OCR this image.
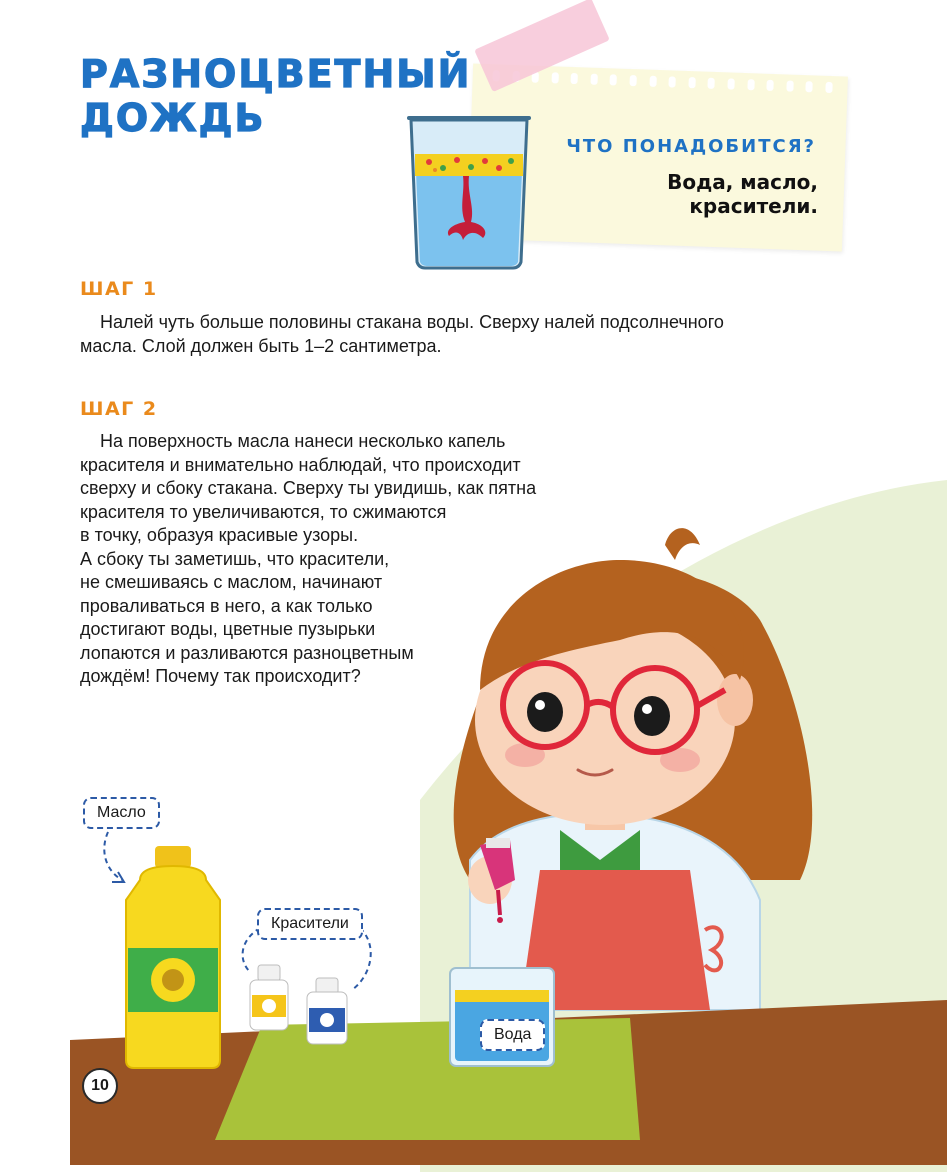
РАЗНОЦВЕТНЫЙ
ДОЖДЬ
ЧТО ПОНАДОБИТСЯ?
Вода, масло, красители.
ШАГ 1
Налей чуть больше половины стакана воды. Сверху налей подсолнечного
масла. Слой должен быть 1–2 сантиметра.
ШАГ 2
На поверхность масла нанеси несколько капель
красителя и внимательно наблюдай, что происходит
сверху и сбоку стакана. Сверху ты увидишь, как пятна
красителя то увеличиваются, то сжимаются
в точку, образуя красивые узоры.
А сбоку ты заметишь, что красители,
не смешиваясь с маслом, начинают
проваливаться в него, а как только
достигают воды, цветные пузырьки
лопаются и разливаются разноцветным
дождём! Почему так происходит?
Масло
Красители
Вода
10
